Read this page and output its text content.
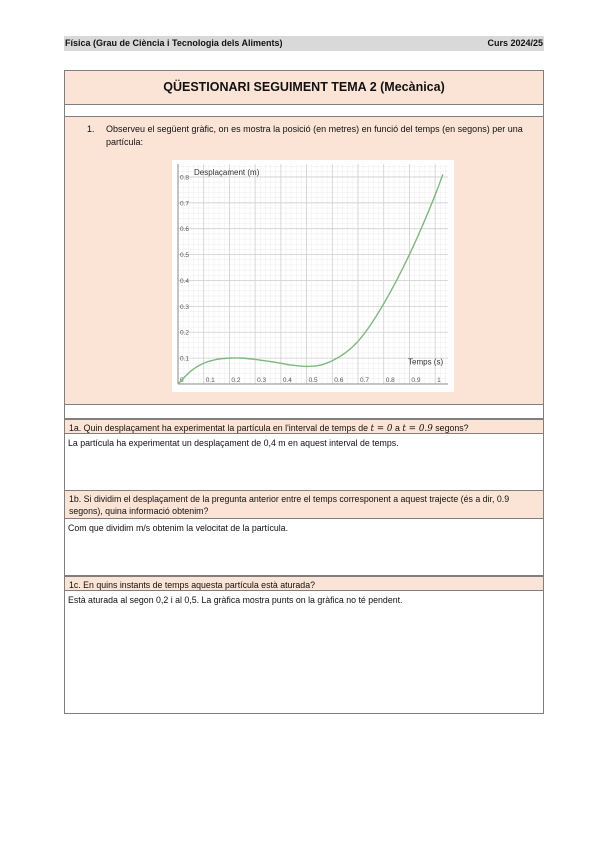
Física (Grau de Ciència i Tecnologia dels Aliments)	Curs 2024/25
QÜESTIONARI SEGUIMENT TEMA 2 (Mecànica)
1.	Observeu el següent gràfic, on es mostra la posició (en metres) en funció del temps (en segons) per una partícula:
0	0.1	0.2	0.3	0.4	0.5	0.6	0.7	0.8	0.9	1
0.1
0.2
0.3
0.4
0.5
0.6
0.7
0.8
Desplaçament (m)
Temps (s)
1a. Quin desplaçament ha experimentat la partícula en l'interval de temps de t = 0 a t = 0.9 segons?
La partícula ha experimentat un desplaçament de 0,4 m en aquest interval de temps.
1b. Si dividim el desplaçament de la pregunta anterior entre el temps corresponent a aquest trajecte (és a dir, 0.9 segons), quina informació obtenim?
Com que dividim m/s obtenim la velocitat de la partícula.
1c. En quins instants de temps aquesta partícula està aturada?
Està aturada al segon 0,2 i al 0,5. La gràfica mostra punts on la gràfica no té pendent.
